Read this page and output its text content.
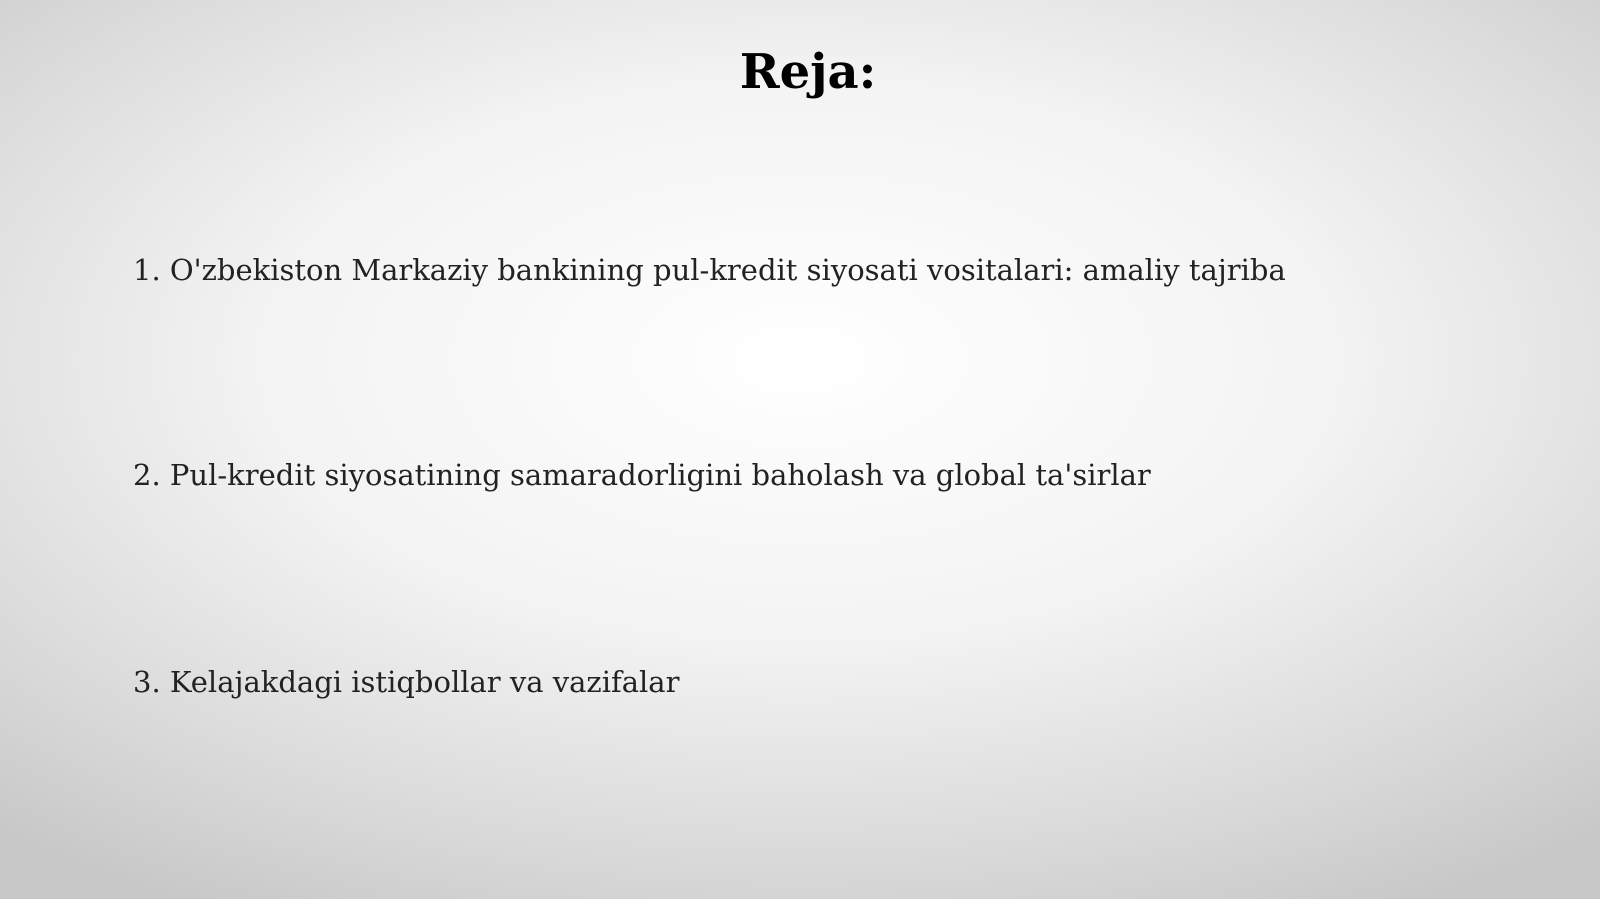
Reja:
1. O'zbekiston Markaziy bankining pul-kredit siyosati vositalari: amaliy tajriba
2. Pul-kredit siyosatining samaradorligini baholash va global ta'sirlar
3. Kelajakdagi istiqbollar va vazifalar
